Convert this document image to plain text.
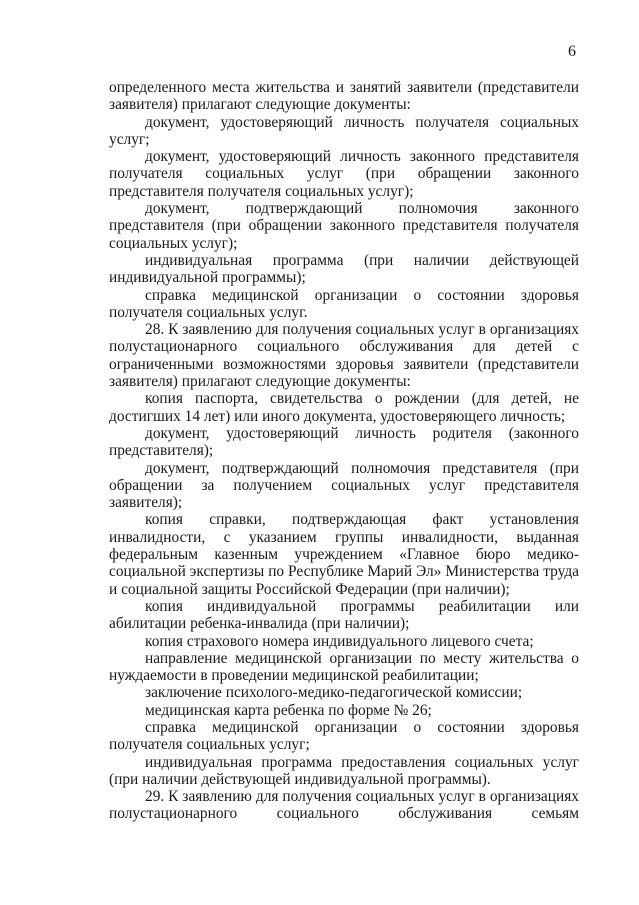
6

определенного места жительства и занятий заявители (представители заявителя) прилагают следующие документы:

документ, удостоверяющий личность получателя социальных услуг;

документ, удостоверяющий личность законного представителя получателя социальных услуг (при обращении законного представителя получателя социальных услуг);

документ, подтверждающий полномочия законного представителя (при обращении законного представителя получателя социальных услуг);

индивидуальная программа (при наличии действующей индивидуальной программы);

справка медицинской организации о состоянии здоровья получателя социальных услуг.

28. К заявлению для получения социальных услуг в организациях полустационарного социального обслуживания для детей с ограниченными возможностями здоровья заявители (представители заявителя) прилагают следующие документы:

копия паспорта, свидетельства о рождении (для детей, не достигших 14 лет) или иного документа, удостоверяющего личность;

документ, удостоверяющий личность родителя (законного представителя);

документ, подтверждающий полномочия представителя (при обращении за получением социальных услуг представителя заявителя);

копия справки, подтверждающая факт установления инвалидности, с указанием группы инвалидности, выданная федеральным казенным учреждением «Главное бюро медико-социальной экспертизы по Республике Марий Эл» Министерства труда и социальной защиты Российской Федерации (при наличии);

копия индивидуальной программы реабилитации или абилитации ребенка-инвалида (при наличии);

копия страхового номера индивидуального лицевого счета;

направление медицинской организации по месту жительства о нуждаемости в проведении медицинской реабилитации;

заключение психолого-медико-педагогической комиссии;

медицинская карта ребенка по форме № 26;

справка медицинской организации о состоянии здоровья получателя социальных услуг;

индивидуальная программа предоставления социальных услуг (при наличии действующей индивидуальной программы).

29. К заявлению для получения социальных услуг в организациях полустационарного социального обслуживания семьям
